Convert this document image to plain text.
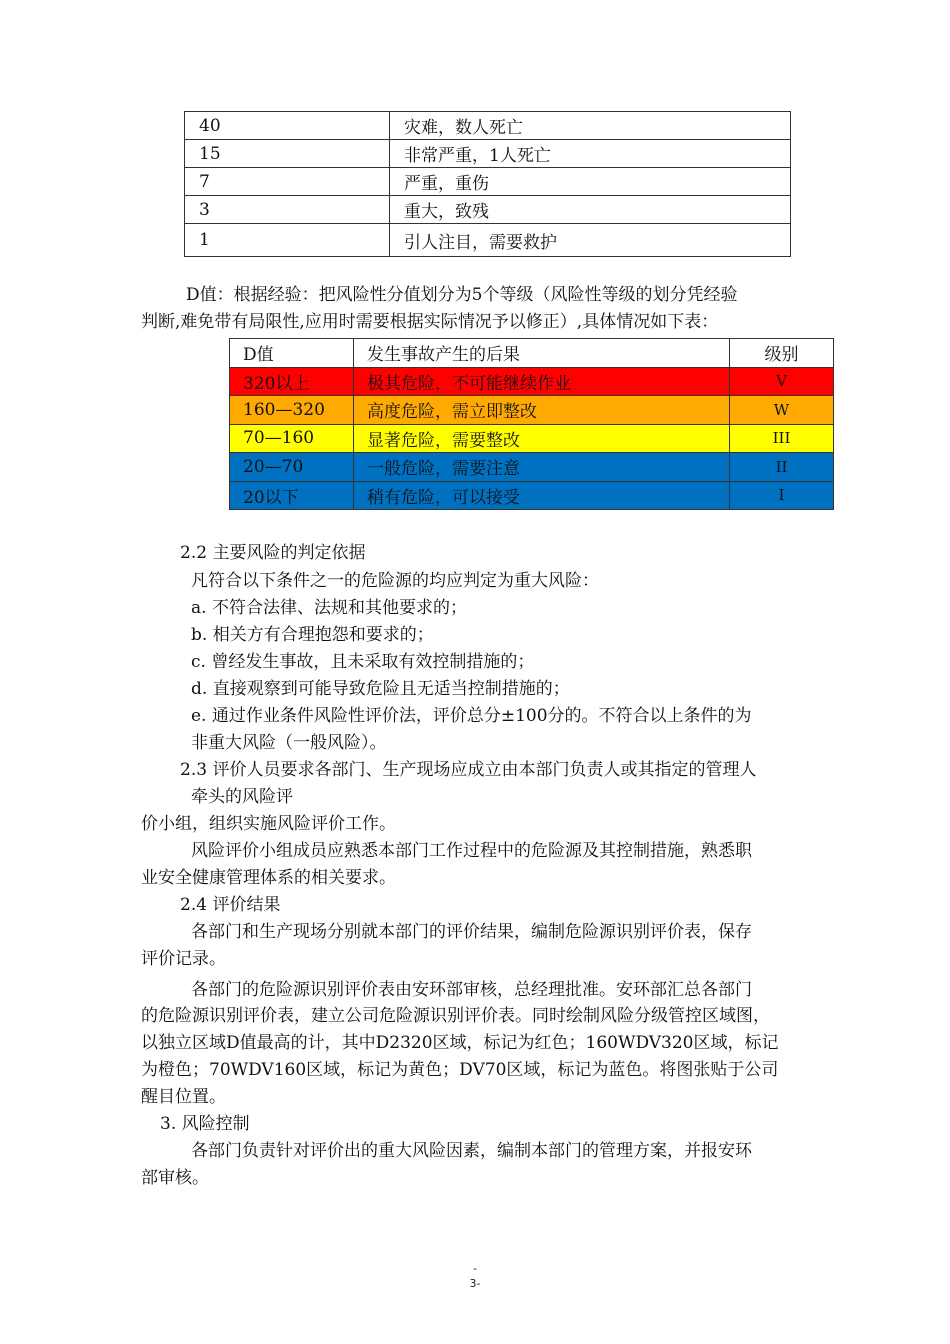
40	灾难，数人死亡
15	非常严重，1人死亡
7	严重，重伤
3	重大，致残
1	引人注目，需要救护
D值：根据经验：把风险性分值划分为5个等级（风险性等级的划分凭经验
判断,难免带有局限性,应用时需要根据实际情况予以修正）,具体情况如下表：
D值	发生事故产生的后果	级别
320以上	极其危险，不可能继续作业	V
160—320	高度危险，需立即整改	W
70—160	显著危险，需要整改	III
20—70	一般危险，需要注意	II
20以下	稍有危险，可以接受	I
2.2 主要风险的判定依据
凡符合以下条件之一的危险源的均应判定为重大风险：
a. 不符合法律、法规和其他要求的；
b. 相关方有合理抱怨和要求的；
c. 曾经发生事故，且未采取有效控制措施的；
d. 直接观察到可能导致危险且无适当控制措施的；
e. 通过作业条件风险性评价法，评价总分±100分的。不符合以上条件的为
非重大风险（一般风险）。
2.3 评价人员要求各部门、生产现场应成立由本部门负责人或其指定的管理人
牵头的风险评
价小组，组织实施风险评价工作。
风险评价小组成员应熟悉本部门工作过程中的危险源及其控制措施，熟悉职
业安全健康管理体系的相关要求。
2.4 评价结果
各部门和生产现场分别就本部门的评价结果，编制危险源识别评价表，保存
评价记录。
各部门的危险源识别评价表由安环部审核，总经理批准。安环部汇总各部门
的危险源识别评价表，建立公司危险源识别评价表。同时绘制风险分级管控区域图，
以独立区域D值最高的计，其中D2320区域，标记为红色；160WDV320区域，标记
为橙色；70WDV160区域，标记为黄色；DV70区域，标记为蓝色。将图张贴于公司
醒目位置。
3. 风险控制
各部门负责针对评价出的重大风险因素，编制本部门的管理方案，并报安环
部审核。
-
3-
